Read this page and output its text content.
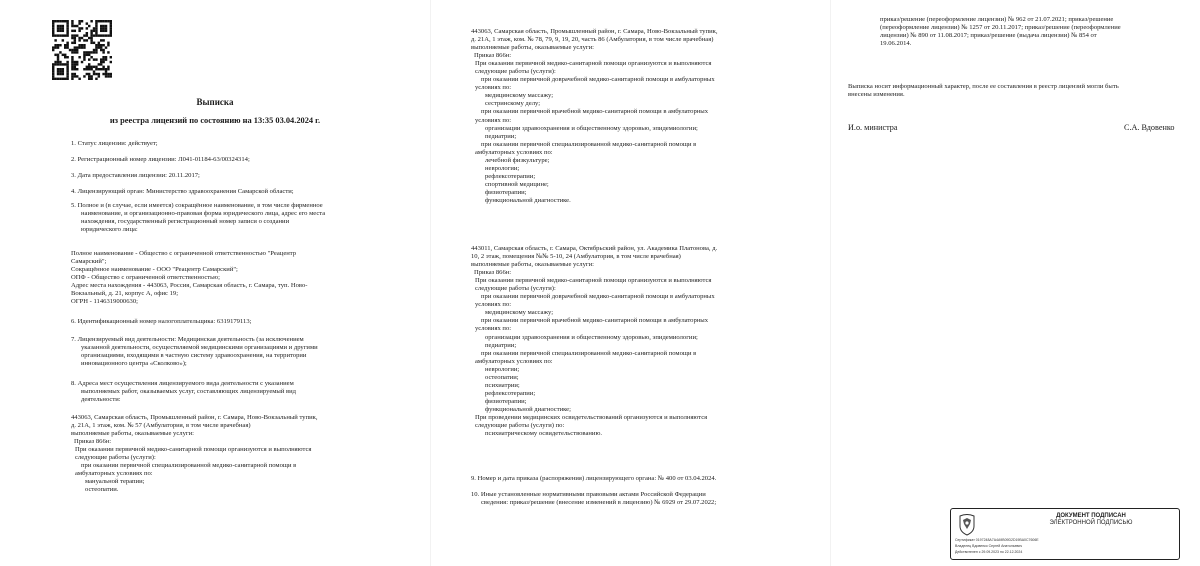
Выписка
из реестра лицензий по состоянию на 13:35 03.04.2024 г.

1. Статус лицензии: действует;

2. Регистрационный номер лицензии: Л041-01184-63/00324314;

3. Дата предоставления лицензии: 20.11.2017;

4. Лицензирующий орган: Министерство здравоохранения Самарской области;

5. Полное и (в случае, если имеется) сокращённое наименование, в том числе фирменное

наименование, и организационно-правовая форма юридического лица, адрес его места

нахождения, государственный регистрационный номер записи о создании

юридического лица:

Полное наименование - Общество с ограниченной ответственностью "Реацентр

Самарский";

Сокращённое наименование - ООО "Реацентр Самарский";

ОПФ - Общество с ограниченной ответственностью;

Адрес места нахождения - 443063, Россия, Самарская область, г. Самара, туп. Ново-

Вокзальный, д. 21, корпус А, офис 19;

ОГРН - 1146319000630;

6. Идентификационный номер налогоплательщика: 6319179113;

7. Лицензируемый вид деятельности: Медицинская деятельность (за исключением

указанной деятельности, осуществляемой медицинскими организациями и другими

организациями, входящими в частную систему здравоохранения, на территории

инновационного центра «Сколково»);

8. Адреса мест осуществления лицензируемого вида деятельности с указанием

выполняемых работ, оказываемых услуг, составляющих лицензируемый вид

деятельности:

443063, Самарская область, Промышленный район, г. Самара, Ново-Вокзальный тупик,

д. 21А, 1 этаж, ком. № 57 (Амбулатория, в том числе врачебная)

выполняемые работы, оказываемые услуги:

Приказ 866н:

При оказании первичной медико-санитарной помощи организуются и выполняются

следующие работы (услуги):

при оказании первичной специализированной медико-санитарной помощи в

амбулаторных условиях по:

мануальной терапии;

остеопатии.

443063, Самарская область, Промышленный район, г. Самара, Ново-Вокзальный тупик,

д. 21А, 1 этаж, ком. № 78, 79, 9, 19, 20, часть 86 (Амбулатория, в том числе врачебная)

выполняемые работы, оказываемые услуги:

Приказ 866н:

При оказании первичной медико-санитарной помощи организуются и выполняются

следующие работы (услуги):

при оказании первичной доврачебной медико-санитарной помощи в амбулаторных

условиях по:

медицинскому массажу;

сестринскому делу;

при оказании первичной врачебной медико-санитарной помощи в амбулаторных

условиях по:

организации здравоохранения и общественному здоровью, эпидемиологии;

педиатрии;

при оказании первичной специализированной медико-санитарной помощи в

амбулаторных условиях по:

лечебной физкультуре;

неврологии;

рефлексотерапии;

спортивной медицине;

физиотерапии;

функциональной диагностике.

443011, Самарская область, г. Самара, Октябрьский район, ул. Академика Платонова, д.

10, 2 этаж, помещения №№ 5-10, 24 (Амбулатория, в том числе врачебная)

выполняемые работы, оказываемые услуги:

Приказ 866н:

При оказании первичной медико-санитарной помощи организуются и выполняются

следующие работы (услуги):

при оказании первичной доврачебной медико-санитарной помощи в амбулаторных

условиях по:

медицинскому массажу;

при оказании первичной врачебной медико-санитарной помощи в амбулаторных

условиях по:

организации здравоохранения и общественному здоровью, эпидемиологии;

педиатрии;

при оказании первичной специализированной медико-санитарной помощи в

амбулаторных условиях по:

неврологии;

остеопатии;

психиатрии;

рефлексотерапии;

физиотерапии;

функциональной диагностике;

При проведении медицинских освидетельствований организуются и выполняются

следующие работы (услуги) по:

психиатрическому освидетельствованию.

9. Номер и дата приказа (распоряжения) лицензирующего органа: № 400 от 03.04.2024.

10. Иные установленные нормативными правовыми актами Российской Федерации

сведения: приказ/решение (внесение изменений в лицензию) № 6929 от 29.07.2022;

приказ/решение (переоформление лицензии) № 962 от 21.07.2021; приказ/решение

(переоформление лицензии) № 1257 от 20.11.2017; приказ/решение (переоформление

лицензии) № 890 от 11.08.2017; приказ/решение (выдача лицензии) № 854 от

19.06.2014.

Выписка носит информационный характер, после ее составления в реестр лицензий могли быть

внесены изменения.

И.о. министра	С.А. Вдовенко
ДОКУМЕНТ ПОДПИСАН
ЭЛЕКТРОННОЙ ПОДПИСЬЮ
Сертификат 0197248A7A4A9B09D2D19BA0C7606E
Владелец Вдовенко Сергей Анатольевич
Действителен с 29.09.2023 по 22.12.2024
